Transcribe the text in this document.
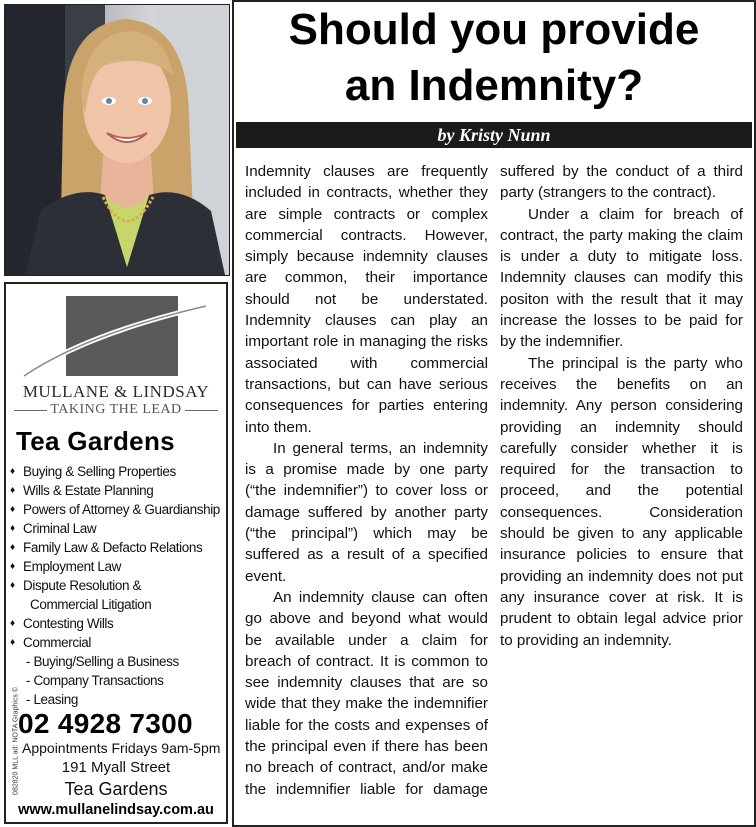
MULLANE & LINDSAY
TAKING THE LEAD
Tea Gardens
♦ Buying & Selling Properties
♦ Wills & Estate Planning
♦ Powers of Attorney & Guardianship
♦ Criminal Law
♦ Family Law & Defacto Relations
♦ Employment Law
♦ Dispute Resolution &
Commercial Litigation
♦ Contesting Wills
♦ Commercial
- Buying/Selling a Business
- Company Transactions
- Leasing
082820 MLL ad: NOTA Graphics ©
02 4928 7300
Appointments Fridays 9am-5pm
191 Myall Street
Tea Gardens
www.mullanelindsay.com.au
Should you provide
an Indemnity?
by Kristy Nunn

Indemnity clauses are frequently included in contracts, whether they are simple contracts or complex commercial contracts. However, simply because indemnity clauses are common, their importance should not be understated. Indemnity clauses can play an important role in managing the risks associated with commercial transactions, but can have serious consequences for parties entering into them.

In general terms, an indemnity is a promise made by one party (“the indemnifier”) to cover loss or damage suffered by another party (“the principal”) which may be suffered as a result of a specified event.

An indemnity clause can often go above and beyond what would be available under a claim for breach of contract. It is common to see indemnity clauses that are so wide that they make the indemnifier liable for the costs and expenses of the principal even if there has been no breach of contract, and/or make the indemnifier liable for damage suffered by the conduct of a third party (strangers to the contract).

Under a claim for breach of contract, the party making the claim is under a duty to mitigate loss. Indemnity clauses can modify this positon with the result that it may increase the losses to be paid for by the indemnifier.

The principal is the party who receives the benefits on an indemnity. Any person considering providing an indemnity should carefully consider whether it is required for the transaction to proceed, and the potential consequences. Consideration should be given to any applicable insurance policies to ensure that providing an indemnity does not put any insurance cover at risk. It is prudent to obtain legal advice prior to providing an indemnity.
